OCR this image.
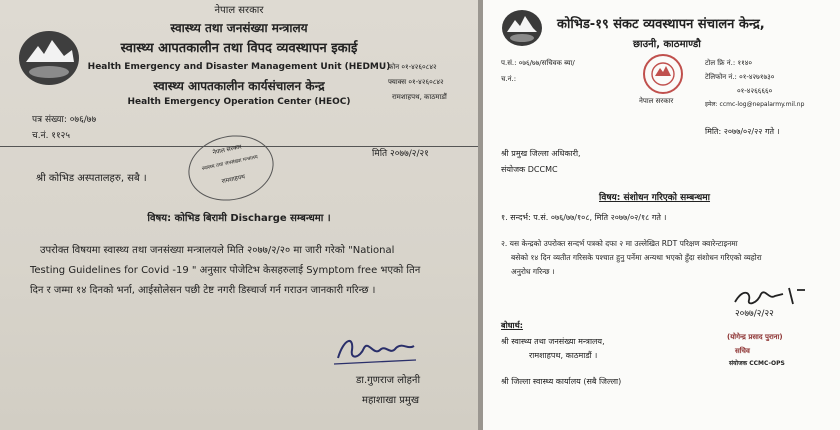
नेपाल सरकार
स्वास्थ्य तथा जनसंख्या मन्त्रालय
स्वास्थ्य आपतकालीन तथा विपद व्यवस्थापन इकाई
Health Emergency and Disaster Management Unit (HEDMU)
स्वास्थ्य आपतकालीन कार्यसंचालन केन्द्र
Health Emergency Operation Center (HEOC)
फोन ०१-४२६०८४२
फ्याक्स ०१-४२६०८४२
रामशाहपथ, काठमाडौं
पत्र संख्या: ०७६/७७
च.नं. ११२५
मिति २०७७/२/२१
नेपाल सरकार
स्वास्थ्य तथा जनसंख्या मन्त्रालय
रामशाहपथ
श्री कोभिड अस्पतालहरु, सबै ।
विषय: कोभिड बिरामी Discharge सम्बन्धमा ।
उपरोक्त विषयमा स्वास्थ्य तथा जनसंख्या मन्त्रालयले मिति २०७७/२/२० मा जारी गरेको "National
Testing Guidelines for Covid -19 " अनुसार पोजेटिभ केसहरुलाई Symptom free भएको तिन
दिन र जम्मा १४ दिनको भर्ना, आईसोलेसन पछी टेष्ट नगरी डिस्चार्ज गर्न गराउन जानकारी गरिन्छ ।
डा.गुणराज लोहनी
महाशाखा प्रमुख
कोभिड-१९ संकट व्यवस्थापन संचालन केन्द्र,
छाउनी, काठमाण्डौ
प.सं.: ०७६/७७/सचिवक ब्या/
च.नं.:
नेपाल सरकार
टोल फ्रि नं.: ११४०
टेलिफोन नं.: ०१-४२७१७३०
०१-४२६६६६०
इमेल: ccmc-log@nepalarmy.mil.np
मिति: २०७७/०२/२२ गते ।
श्री प्रमुख जिल्ला अधिकारी,
संयोजक DCCMC
विषय: संशोधन गरिएको सम्बन्धमा
१. सन्दर्भ: प.सं. ०७६/७७/१०८, मिति २०७७/०२/१८ गते ।
२. यस केन्द्रको उपरोक्त सन्दर्भ पत्रको दफा २ मा उल्लेखित RDT परिक्षण क्वारेन्टाइनमा
बसेको १४ दिन व्यतीत गरिसके पश्चात हुनु पर्नेमा अन्यथा भएको हुँदा संशोधन गरिएको व्यहोरा
अनुरोध गरिन्छ ।
२०७७/२/२२
(योगेन्द्र प्रसाद पुराना)
सचिव
संयोजक CCMC-OPS
बोधार्थ:
श्री स्वास्थ्य तथा जनसंख्या मन्त्रालय,
रामशाहपथ, काठमाडौं ।
श्री जिल्ला स्वास्थ्य कार्यालय (सबै जिल्ला)
